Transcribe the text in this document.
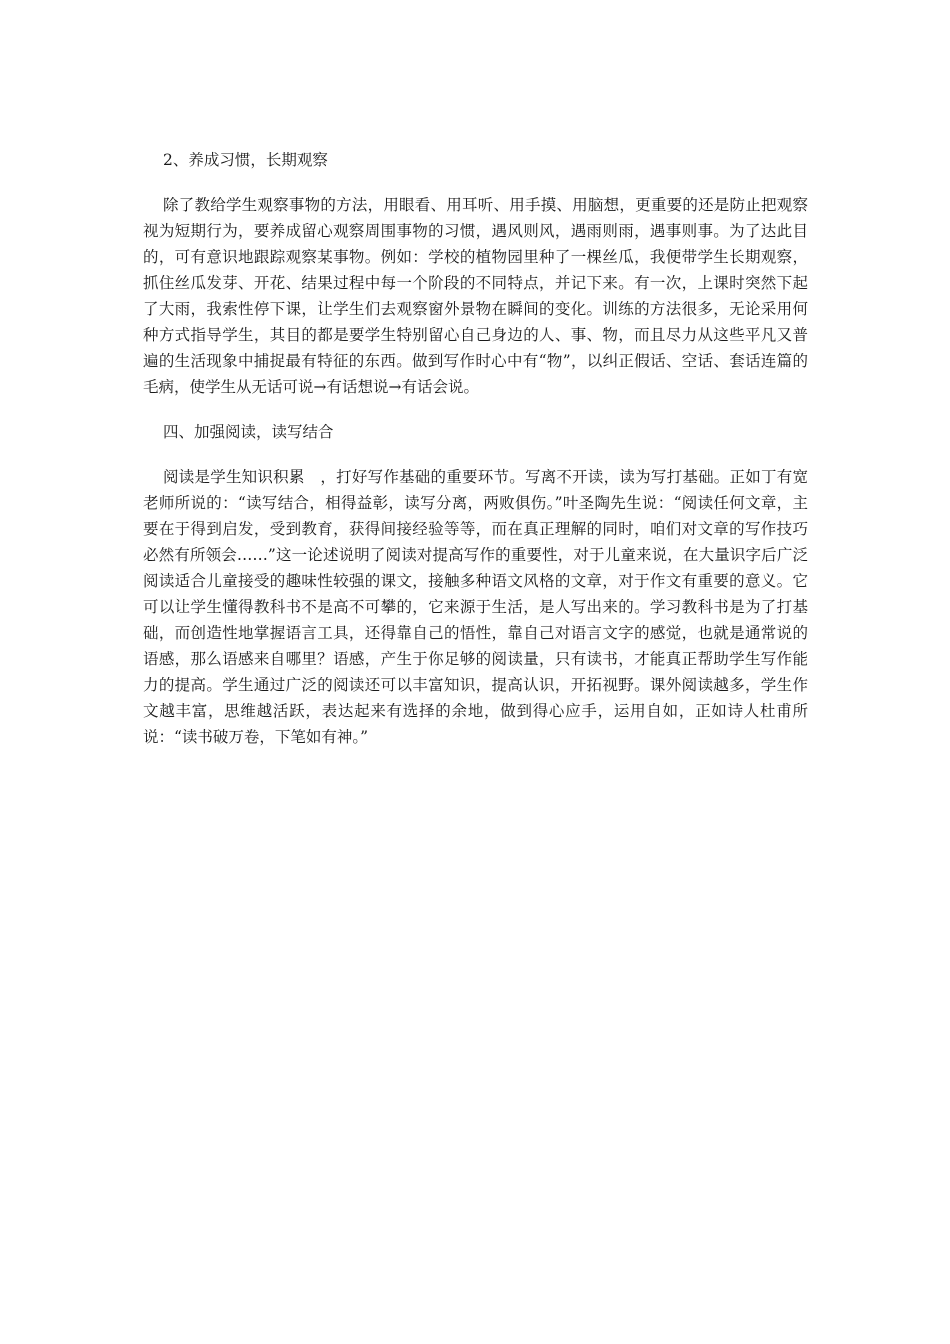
2、养成习惯，长期观察

除了教给学生观察事物的方法，用眼看、用耳听、用手摸、用脑想，更重要的还是防止把观察视为短期行为，要养成留心观察周围事物的习惯，遇风则风，遇雨则雨，遇事则事。为了达此目的，可有意识地跟踪观察某事物。例如：学校的植物园里种了一棵丝瓜，我便带学生长期观察，抓住丝瓜发芽、开花、结果过程中每一个阶段的不同特点，并记下来。有一次，上课时突然下起了大雨，我索性停下课，让学生们去观察窗外景物在瞬间的变化。训练的方法很多，无论采用何种方式指导学生，其目的都是要学生特别留心自己身边的人、事、物，而且尽力从这些平凡又普遍的生活现象中捕捉最有特征的东西。做到写作时心中有“物”，以纠正假话、空话、套话连篇的毛病，使学生从无话可说→有话想说→有话会说。

四、加强阅读，读写结合

阅读是学生知识积累　，打好写作基础的重要环节。写离不开读，读为写打基础。正如丁有宽老师所说的：“读写结合，相得益彰，读写分离，两败俱伤。”叶圣陶先生说：“阅读任何文章，主要在于得到启发，受到教育，获得间接经验等等，而在真正理解的同时，咱们对文章的写作技巧必然有所领会……”这一论述说明了阅读对提高写作的重要性，对于儿童来说，在大量识字后广泛阅读适合儿童接受的趣味性较强的课文，接触多种语文风格的文章，对于作文有重要的意义。它可以让学生懂得教科书不是高不可攀的，它来源于生活，是人写出来的。学习教科书是为了打基础，而创造性地掌握语言工具，还得靠自己的悟性，靠自己对语言文字的感觉，也就是通常说的语感，那么语感来自哪里？语感，产生于你足够的阅读量，只有读书，才能真正帮助学生写作能力的提高。学生通过广泛的阅读还可以丰富知识，提高认识，开拓视野。课外阅读越多，学生作文越丰富，思维越活跃，表达起来有选择的余地，做到得心应手，运用自如，正如诗人杜甫所说：“读书破万卷，下笔如有神。”
